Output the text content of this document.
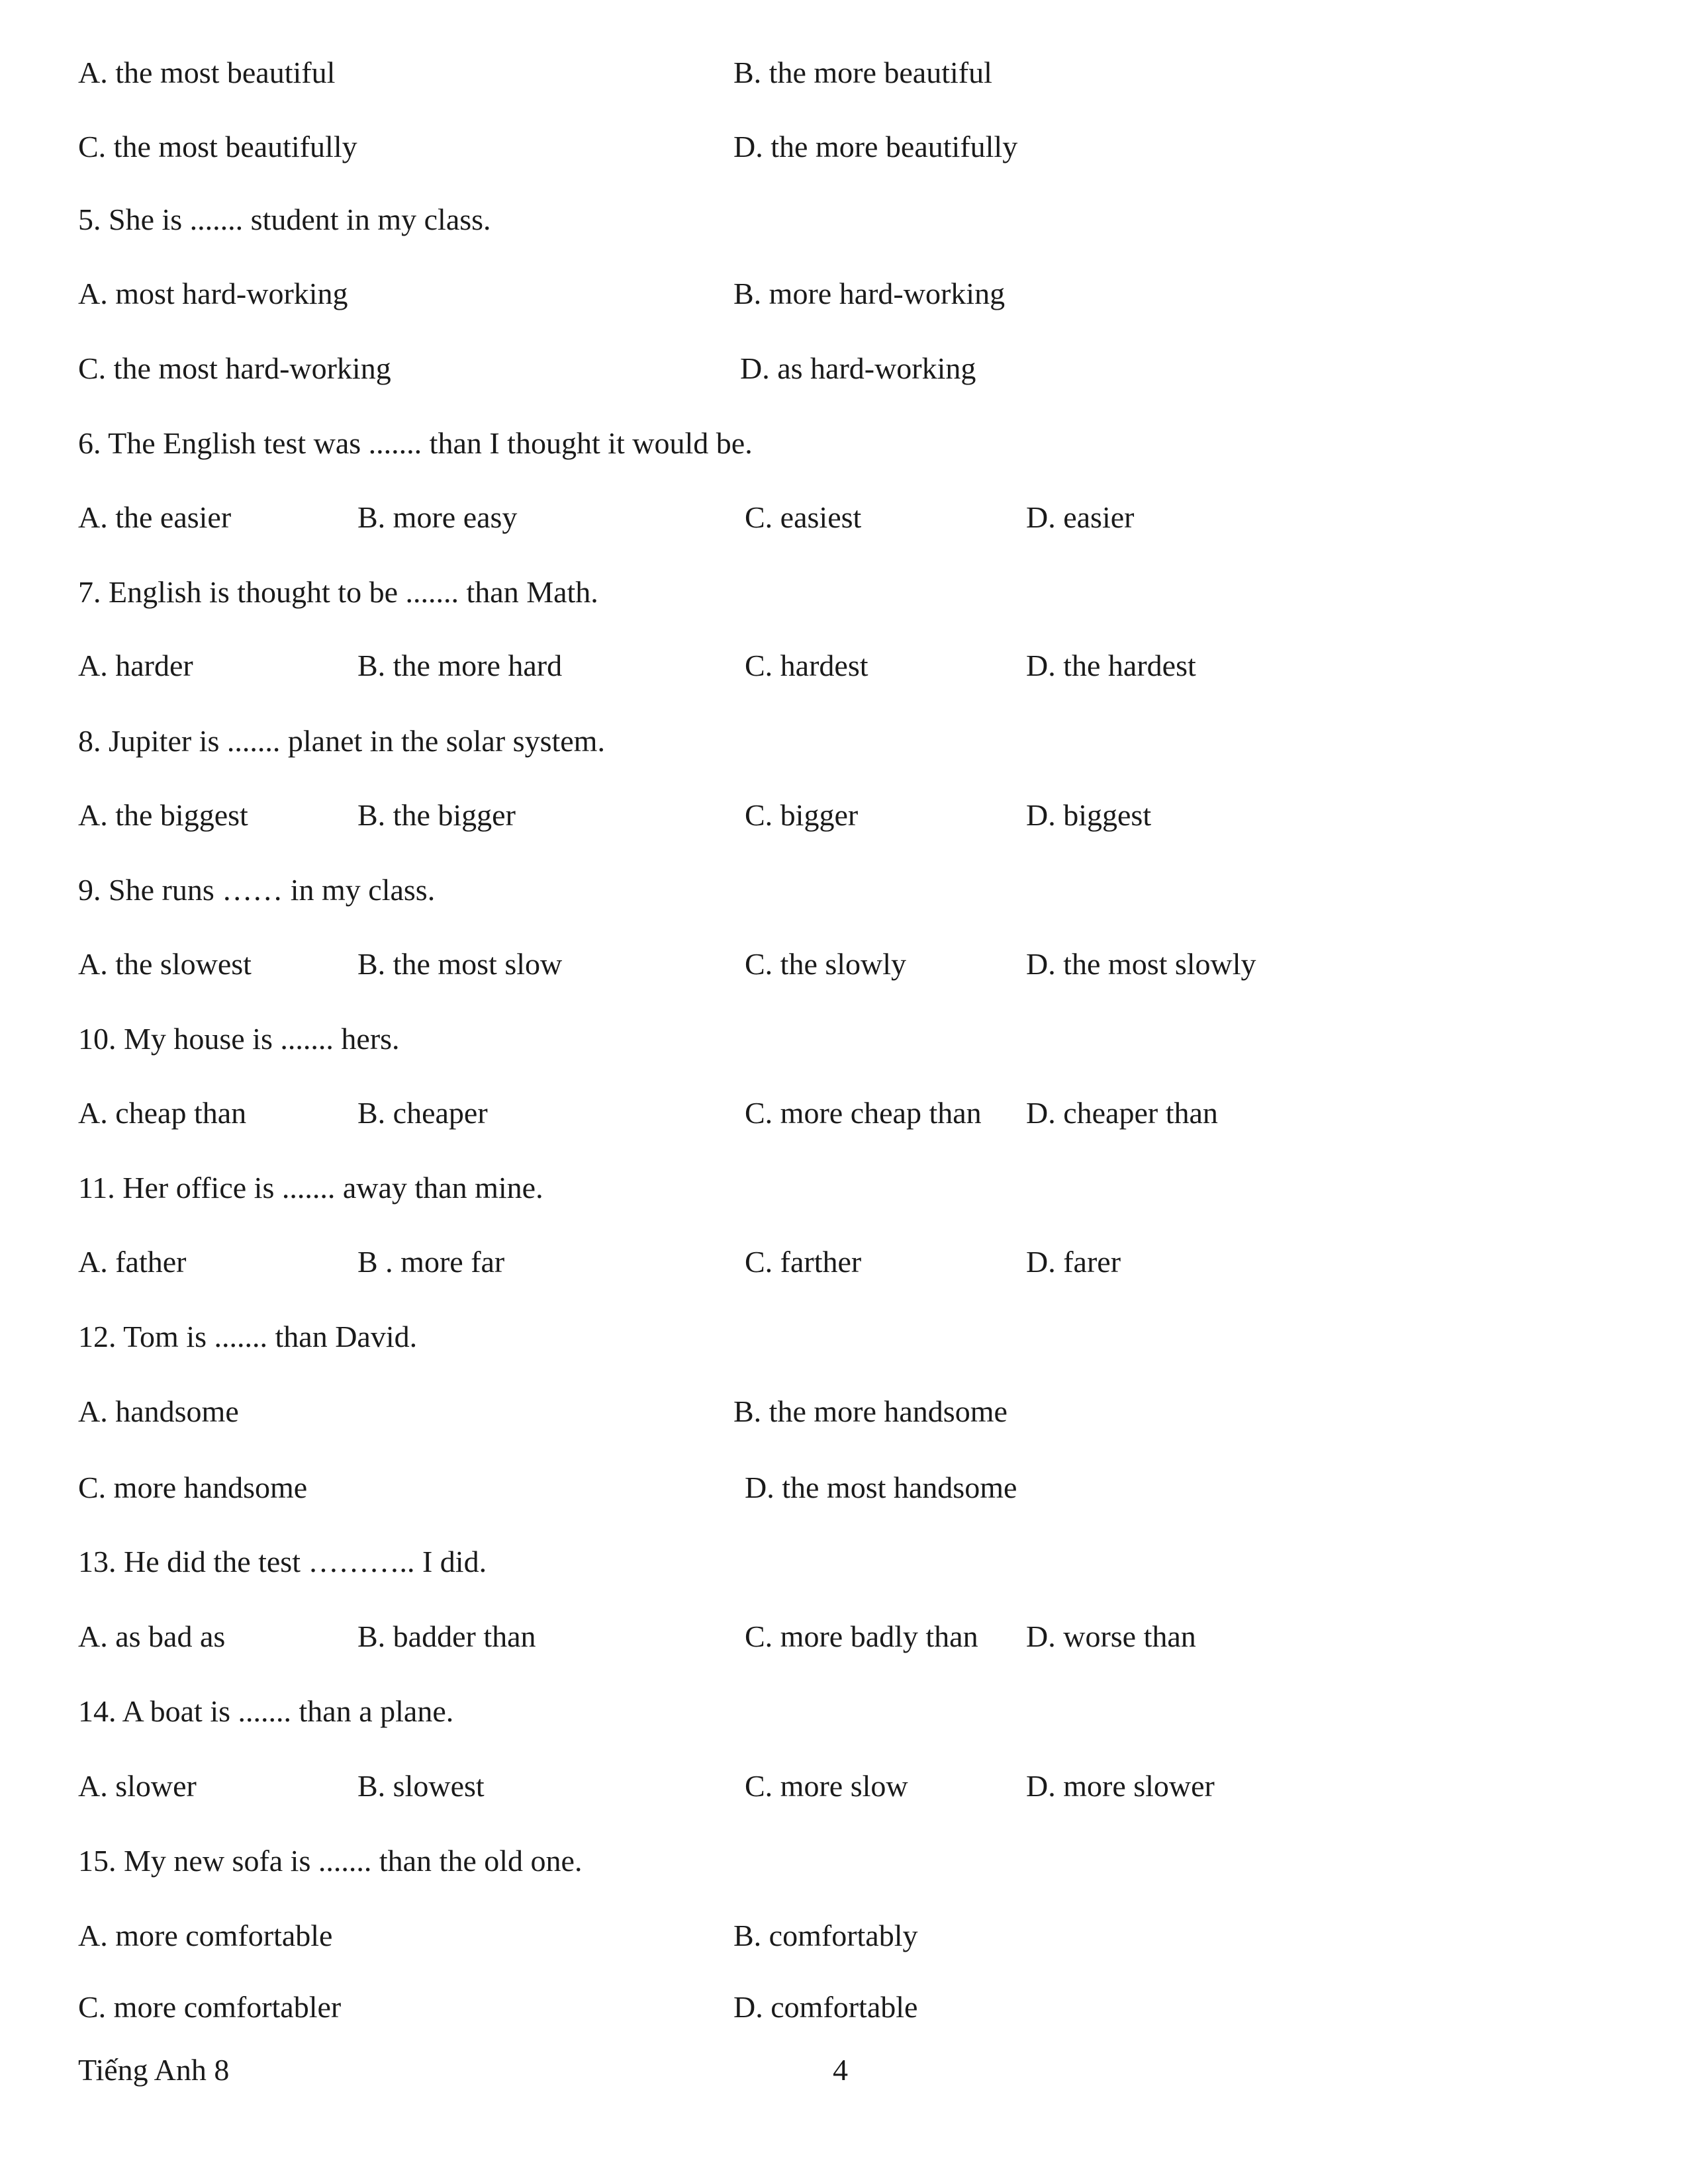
A. the most beautiful	B. the more beautiful
C. the most beautifully	D. the more beautifully
5. She is ....... student in my class.
A. most hard-working	B. more hard-working
C. the most hard-working	D. as hard-working
6. The English test was ....... than I thought it would be.
A. the easier	B. more easy	C. easiest	D. easier
7. English is thought to be ....... than Math.
A. harder	B. the more hard	C. hardest	D. the hardest
8. Jupiter is ....... planet in the solar system.
A. the biggest	B. the bigger	C. bigger	D. biggest
9. She runs …… in my class.
A. the slowest	B. the most slow	C. the slowly	D. the most slowly
10. My house is ....... hers.
A. cheap than	B. cheaper	C. more cheap than D. cheaper than
11. Her office is ....... away than mine.
A. father	B . more far	C. farther	D. farer
12. Tom is ....... than David.
A. handsome	B. the more handsome
C. more handsome	D. the most handsome
13. He did the test ……….. I did.
A. as bad as	B. badder than	C. more badly than D. worse than
14. A boat is ....... than a plane.
A. slower	B. slowest	C. more slow	D. more slower
15. My new sofa is ....... than the old one.
A. more comfortable	B. comfortably
C. more comfortabler	D. comfortable
Tiếng Anh 8	4
